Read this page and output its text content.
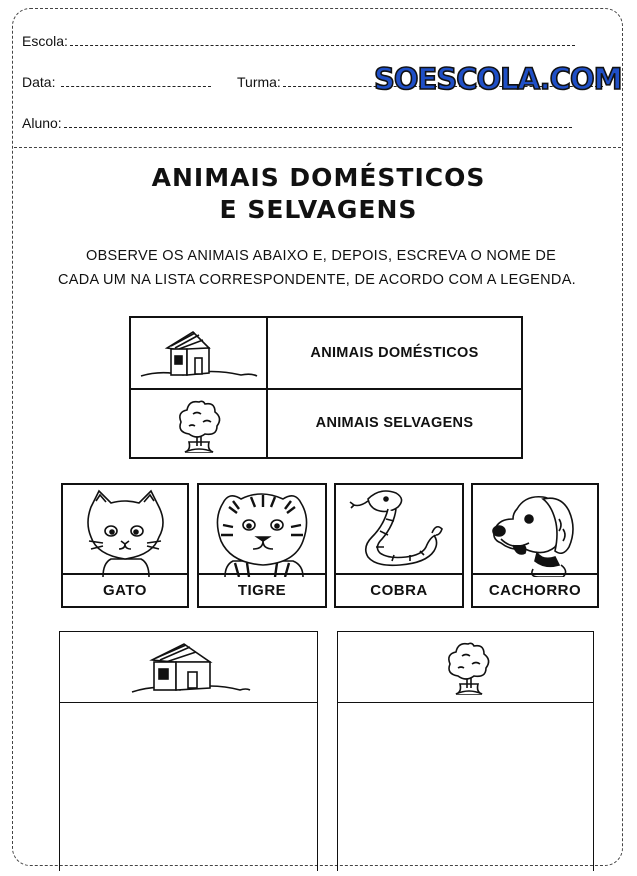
Escola:
Data:	Turma:
Aluno:
SOESCOLA.COM
ANIMAIS DOMÉSTICOS
E SELVAGENS
OBSERVE OS ANIMAIS ABAIXO E, DEPOIS, ESCREVA O NOME DE CADA UM NA LISTA CORRESPONDENTE, DE ACORDO COM A LEGENDA.
ANIMAIS DOMÉSTICOS
ANIMAIS SELVAGENS
GATO	TIGRE	COBRA	CACHORRO
